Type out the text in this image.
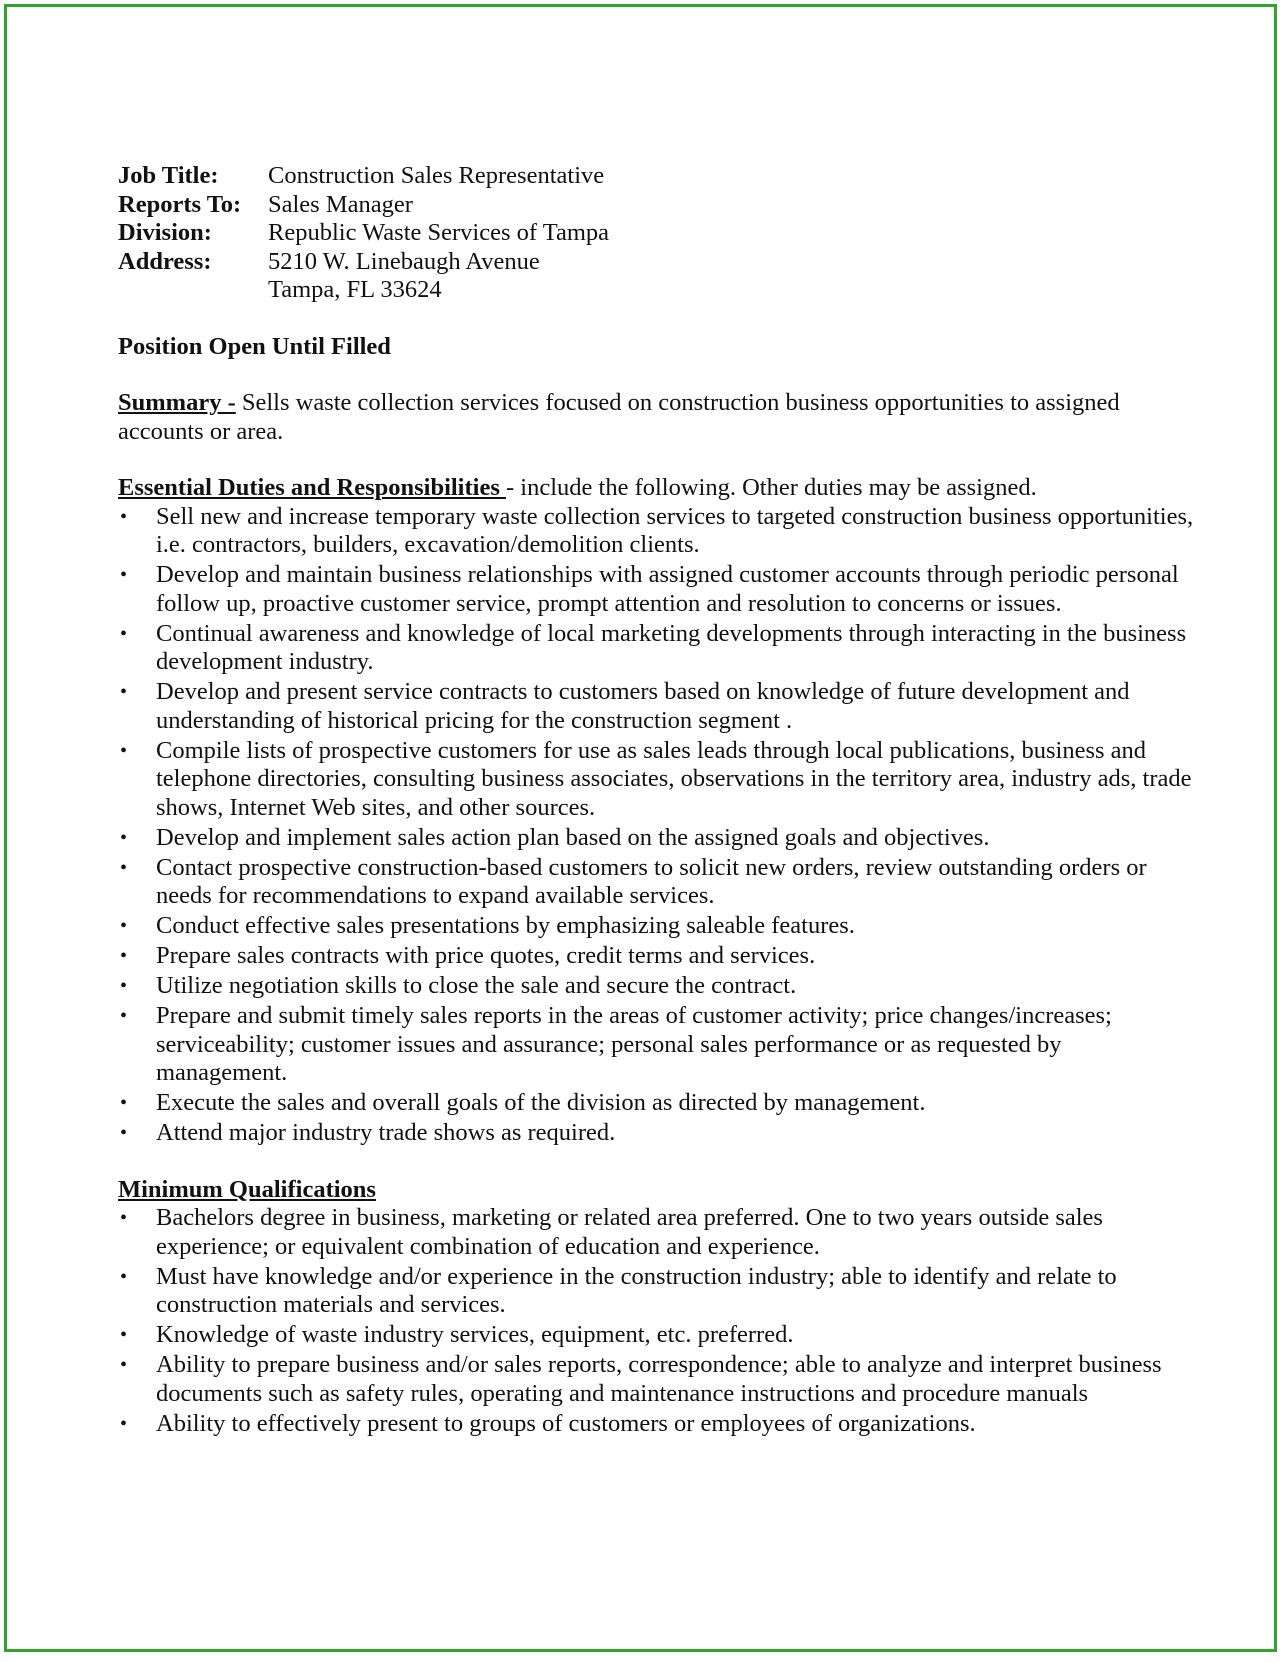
Job Title:	Construction Sales Representative
Reports To:	Sales Manager
Division:	Republic Waste Services of Tampa
Address:	5210 W. Linebaugh Avenue
Tampa, FL 33624
Position Open Until Filled
Summary - Sells waste collection services focused on construction business opportunities to assigned accounts or area.
Essential Duties and Responsibilities - include the following. Other duties may be assigned.
• Sell new and increase temporary waste collection services to targeted construction business opportunities, i.e. contractors, builders, excavation/demolition clients.
• Develop and maintain business relationships with assigned customer accounts through periodic personal follow up, proactive customer service, prompt attention and resolution to concerns or issues.
• Continual awareness and knowledge of local marketing developments through interacting in the business development industry.
• Develop and present service contracts to customers based on knowledge of future development and understanding of historical pricing for the construction segment .
• Compile lists of prospective customers for use as sales leads through local publications, business and telephone directories, consulting business associates, observations in the territory area, industry ads, trade shows, Internet Web sites, and other sources.
• Develop and implement sales action plan based on the assigned goals and objectives.
• Contact prospective construction-based customers to solicit new orders, review outstanding orders or needs for recommendations to expand available services.
• Conduct effective sales presentations by emphasizing saleable features.
• Prepare sales contracts with price quotes, credit terms and services.
• Utilize negotiation skills to close the sale and secure the contract.
• Prepare and submit timely sales reports in the areas of customer activity; price changes/increases; serviceability; customer issues and assurance; personal sales performance or as requested by management.
• Execute the sales and overall goals of the division as directed by management.
• Attend major industry trade shows as required.
Minimum Qualifications
• Bachelors degree in business, marketing or related area preferred. One to two years outside sales experience; or equivalent combination of education and experience.
• Must have knowledge and/or experience in the construction industry; able to identify and relate to construction materials and services.
• Knowledge of waste industry services, equipment, etc. preferred.
• Ability to prepare business and/or sales reports, correspondence; able to analyze and interpret business documents such as safety rules, operating and maintenance instructions and procedure manuals
• Ability to effectively present to groups of customers or employees of organizations.
